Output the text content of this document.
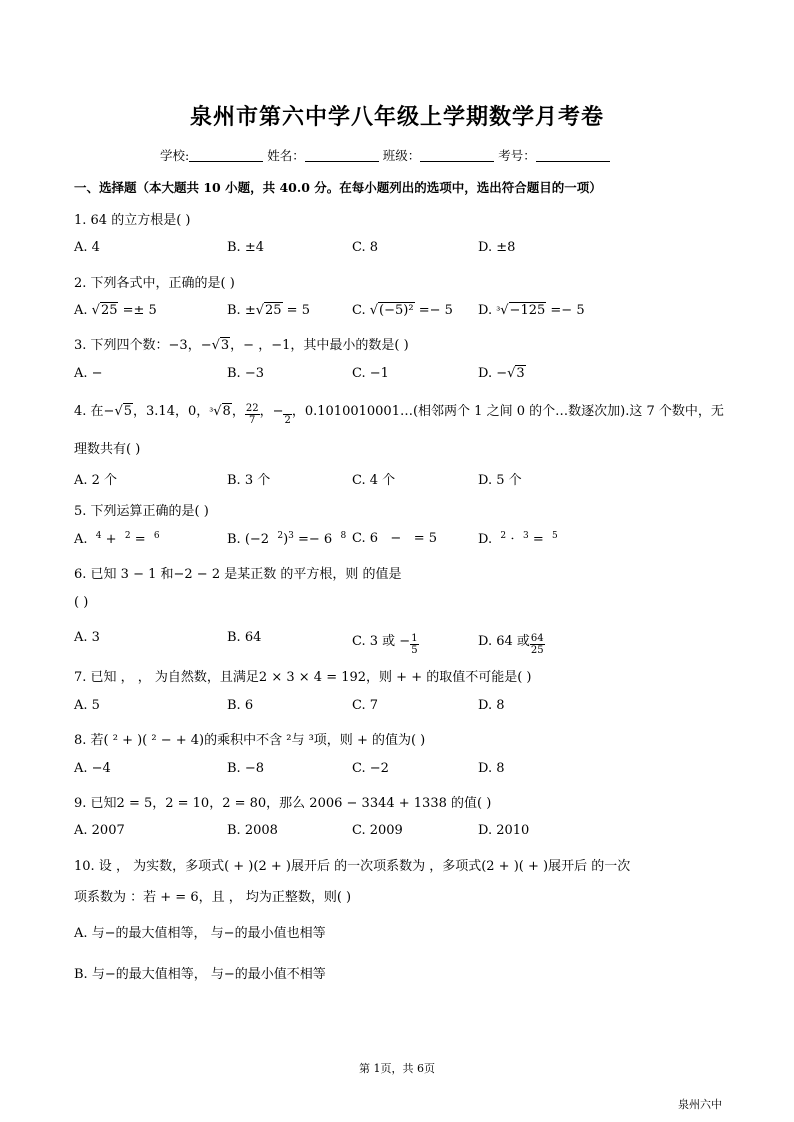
泉州市第六中学八年级上学期数学月考卷
学校:	姓名：	班级：	考号：
一、选择题（本大题共 10 小题，共 40.0 分。在每小题列出的选项中，选出符合题目的一项）
1. 64 的立方根是( )
A. 4	B. ±4	C. 8	D. ±8
2. 下列各式中，正确的是( )
A. √25 =± 5	B. ±√25 = 5	C. √(−5)² =− 5 D. ³√−125 =− 5
3. 下列四个数：−3，−√3，− ，−1，其中最小的数是( )
A. −	B. −3	C. −1	D. −√3
4. 在−√5，3.14，0，³√8， $\frac{22}{7}$ ，−

2
，0.1010010001…(相邻两个 1 之间 0 的个…数逐次加).这 7 个数中，无
理数共有( )
A. 2 个	B. 3 个	C. 4 个	D. 5 个
5. 下列运算正确的是( )
A.  $^4$ +  $^2$ =  $^6$	B. (−2  $^2$)$^3$ =− 6  $^8$ C. 6   −   = 5	D.  $^2$ ⋅  $^3$ =  $^5$
6. 已知 3 − 1 和−2 − 2 是某正数 的平方根，则 的值是
( )
A. 3	B. 64	C. 3 或 − $\frac{1}{5}$	D. 64 或 $\frac{64}{25}$
7. 已知 ， ， 为自然数，且满足2 × 3 × 4 = 192，则 + + 的取值不可能是( )
A. 5	B. 6	C. 7	D. 8
8. 若( ² + )( ² − + 4)的乘积中不含 ²与 ³项，则 + 的值为( )
A. −4	B. −8	C. −2	D. 8
9. 已知2 = 5，2 = 10，2 = 80，那么 2006 − 3344 + 1338 的值( )
A. 2007	B. 2008	C. 2009	D. 2010
10. 设 ， 为实数，多项式( + )(2 + )展开后 的一次项系数为 ，多项式(2 + )( + )展开后 的一次
项系数为 ：若 + = 6，且 ， 均为正整数，则( )
A. 与−的最大值相等， 与−的最小值也相等
B. 与−的最大值相等， 与−的最小值不相等
第 1页，共 6页
泉州六中
